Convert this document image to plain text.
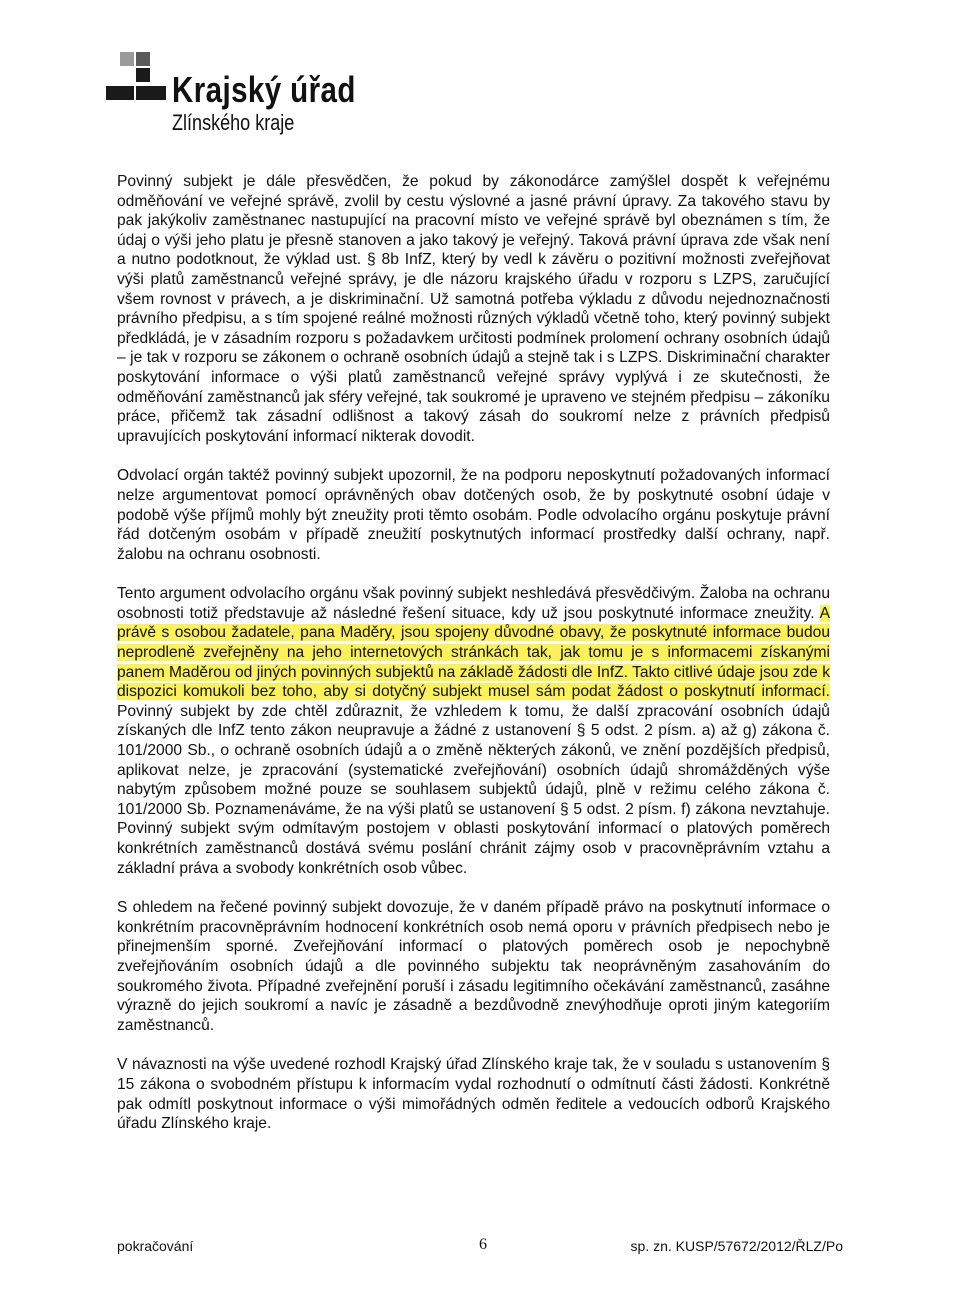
Krajský úřad
Zlínského kraje

Povinný subjekt je dále přesvědčen, že pokud by zákonodárce zamýšlel dospět k veřejnému odměňování ve veřejné správě, zvolil by cestu výslovné a jasné právní úpravy. Za takového stavu by pak jakýkoliv zaměstnanec nastupující na pracovní místo ve veřejné správě byl obeznámen s tím, že údaj o výši jeho platu je přesně stanoven a jako takový je veřejný. Taková právní úprava zde však není a nutno podotknout, že výklad ust. § 8b InfZ, který by vedl k závěru o pozitivní možnosti zveřejňovat výši platů zaměstnanců veřejné správy, je dle názoru krajského úřadu v rozporu s LZPS, zaručující všem rovnost v právech, a je diskriminační. Už samotná potřeba výkladu z důvodu nejednoznačnosti právního předpisu, a s tím spojené reálné možnosti různých výkladů včetně toho, který povinný subjekt předkládá, je v zásadním rozporu s požadavkem určitosti podmínek prolomení ochrany osobních údajů – je tak v rozporu se zákonem o ochraně osobních údajů a stejně tak i s LZPS. Diskriminační charakter poskytování informace o výši platů zaměstnanců veřejné správy vyplývá i ze skutečnosti, že odměňování zaměstnanců jak sféry veřejné, tak soukromé je upraveno ve stejném předpisu – zákoníku práce, přičemž tak zásadní odlišnost a takový zásah do soukromí nelze z právních předpisů upravujících poskytování informací nikterak dovodit.

Odvolací orgán taktéž povinný subjekt upozornil, že na podporu neposkytnutí požadovaných informací nelze argumentovat pomocí oprávněných obav dotčených osob, že by poskytnuté osobní údaje v podobě výše příjmů mohly být zneužity proti těmto osobám. Podle odvolacího orgánu poskytuje právní řád dotčeným osobám v případě zneužití poskytnutých informací prostředky další ochrany, např. žalobu na ochranu osobnosti.

Tento argument odvolacího orgánu však povinný subjekt neshledává přesvědčivým. Žaloba na ochranu osobnosti totiž představuje až následné řešení situace, kdy už jsou poskytnuté informace zneužity. A právě s osobou žadatele, pana Maděry, jsou spojeny důvodné obavy, že poskytnuté informace budou neprodleně zveřejněny na jeho internetových stránkách tak, jak tomu je s informacemi získanými panem Maděrou od jiných povinných subjektů na základě žádosti dle InfZ. Takto citlivé údaje jsou zde k dispozici komukoli bez toho, aby si dotyčný subjekt musel sám podat žádost o poskytnutí informací. Povinný subjekt by zde chtěl zdůraznit, že vzhledem k tomu, že další zpracování osobních údajů získaných dle InfZ tento zákon neupravuje a žádné z ustanovení § 5 odst. 2 písm. a) až g) zákona č. 101/2000 Sb., o ochraně osobních údajů a o změně některých zákonů, ve znění pozdějších předpisů, aplikovat nelze, je zpracování (systematické zveřejňování) osobních údajů shromážděných výše nabytým způsobem možné pouze se souhlasem subjektů údajů, plně v režimu celého zákona č. 101/2000 Sb. Poznamenáváme, že na výši platů se ustanovení § 5 odst. 2 písm. f) zákona nevztahuje. Povinný subjekt svým odmítavým postojem v oblasti poskytování informací o platových poměrech konkrétních zaměstnanců dostává svému poslání chránit zájmy osob v pracovněprávním vztahu a základní práva a svobody konkrétních osob vůbec.

S ohledem na řečené povinný subjekt dovozuje, že v daném případě právo na poskytnutí informace o konkrétním pracovněprávním hodnocení konkrétních osob nemá oporu v právních předpisech nebo je přinejmenším sporné. Zveřejňování informací o platových poměrech osob je nepochybně zveřejňováním osobních údajů a dle povinného subjektu tak neoprávněným zasahováním do soukromého života. Případné zveřejnění poruší i zásadu legitimního očekávání zaměstnanců, zasáhne výrazně do jejich soukromí a navíc je zásadně a bezdůvodně znevýhodňuje oproti jiným kategoriím zaměstnanců.

V návaznosti na výše uvedené rozhodl Krajský úřad Zlínského kraje tak, že v souladu s ustanovením § 15 zákona o svobodném přístupu k informacím vydal rozhodnutí o odmítnutí části žádosti. Konkrétně pak odmítl poskytnout informace o výši mimořádných odměn ředitele a vedoucích odborů Krajského úřadu Zlínského kraje.

pokračování	6	sp. zn. KUSP/57672/2012/ŘLZ/Po
